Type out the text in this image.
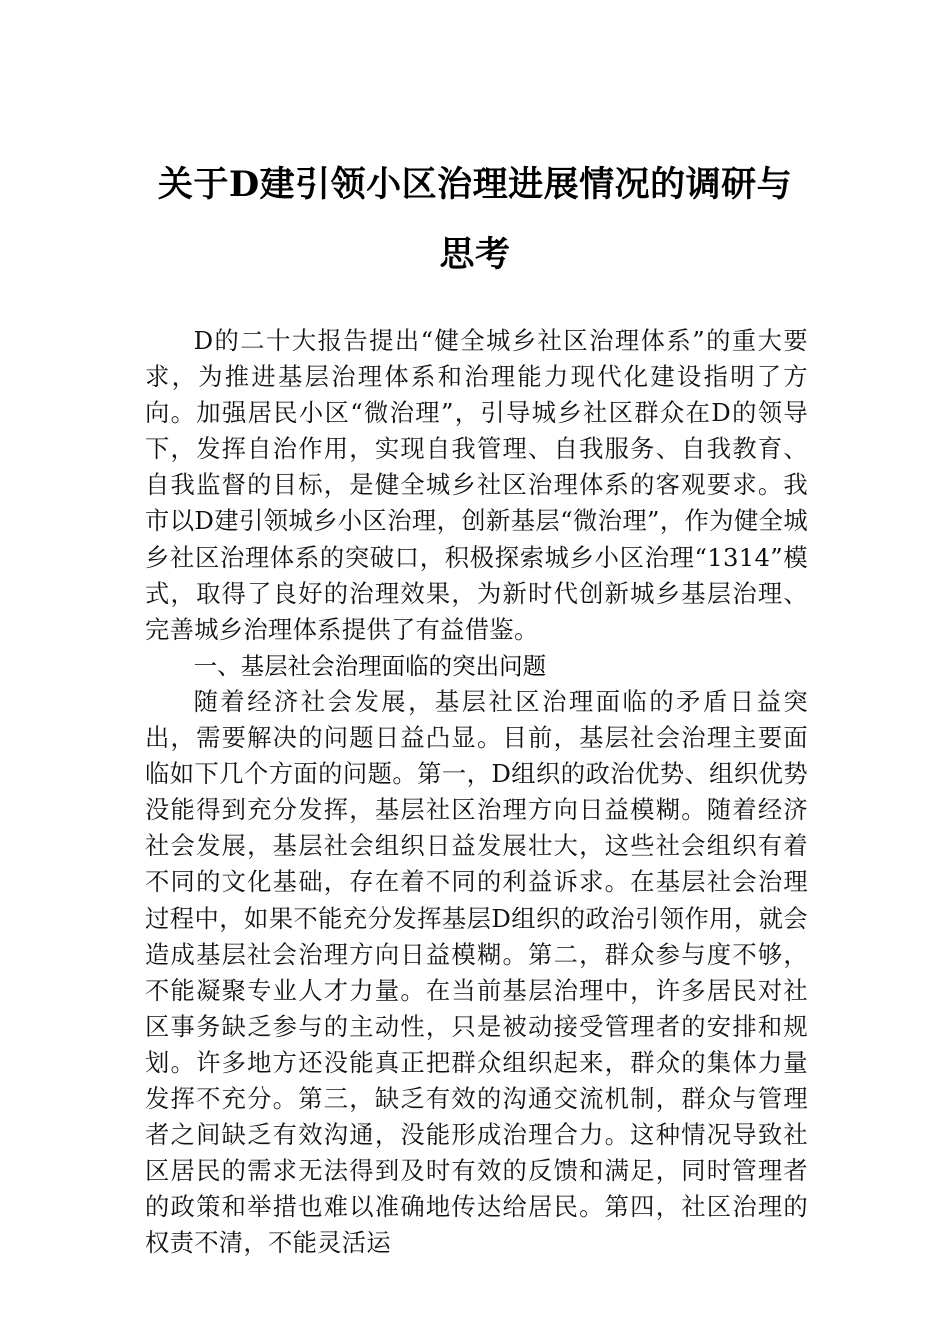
关于D建引领小区治理进展情况的调研与
思考

D的二十大报告提出“健全城乡社区治理体系”的重大要求，为推进基层治理体系和治理能力现代化建设指明了方向。加强居民小区“微治理”，引导城乡社区群众在D的领导下，发挥自治作用，实现自我管理、自我服务、自我教育、自我监督的目标，是健全城乡社区治理体系的客观要求。我市以D建引领城乡小区治理，创新基层“微治理”，作为健全城乡社区治理体系的突破口，积极探索城乡小区治理“1314”模式，取得了良好的治理效果，为新时代创新城乡基层治理、完善城乡治理体系提供了有益借鉴。

一、基层社会治理面临的突出问题

随着经济社会发展，基层社区治理面临的矛盾日益突出，需要解决的问题日益凸显。目前，基层社会治理主要面临如下几个方面的问题。第一，D组织的政治优势、组织优势没能得到充分发挥，基层社区治理方向日益模糊。随着经济社会发展，基层社会组织日益发展壮大，这些社会组织有着不同的文化基础，存在着不同的利益诉求。在基层社会治理过程中，如果不能充分发挥基层D组织的政治引领作用，就会造成基层社会治理方向日益模糊。第二，群众参与度不够，不能凝聚专业人才力量。在当前基层治理中，许多居民对社区事务缺乏参与的主动性，只是被动接受管理者的安排和规划。许多地方还没能真正把群众组织起来，群众的集体力量发挥不充分。第三，缺乏有效的沟通交流机制，群众与管理者之间缺乏有效沟通，没能形成治理合力。这种情况导致社区居民的需求无法得到及时有效的反馈和满足，同时管理者的政策和举措也难以准确地传达给居民。第四，社区治理的权责不清，不能灵活运
